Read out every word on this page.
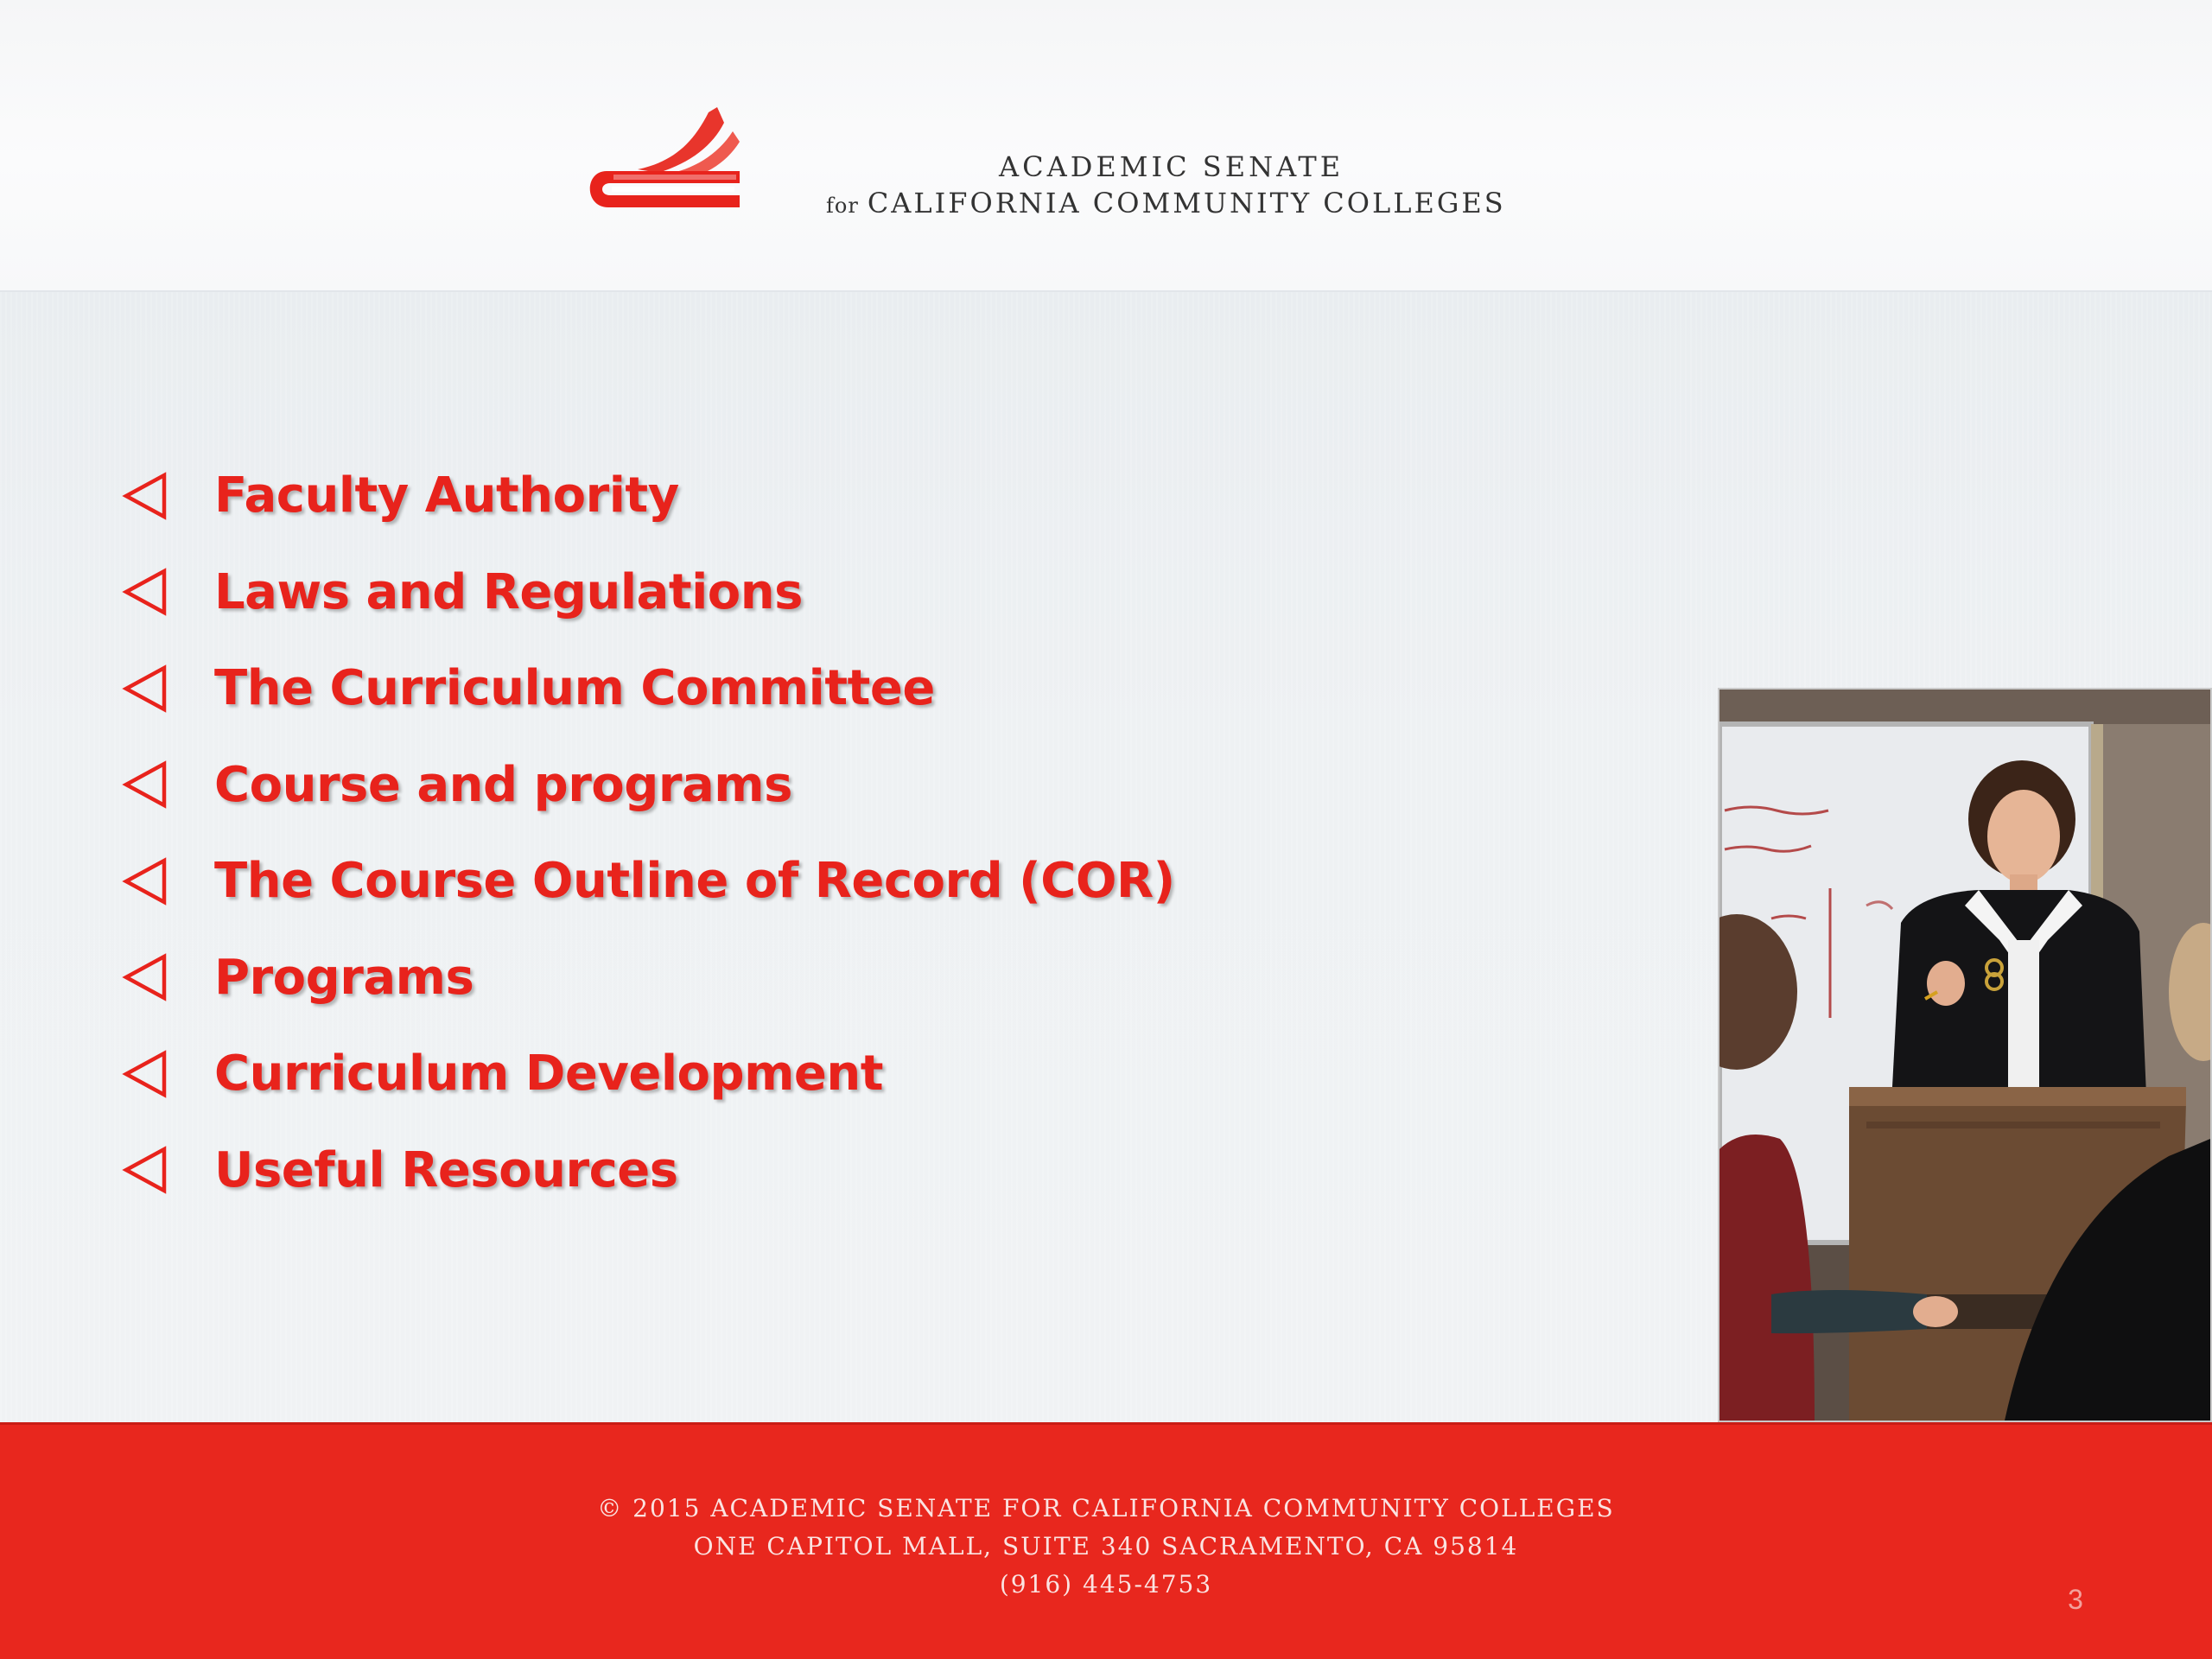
ACADEMIC SENATE
for CALIFORNIA COMMUNITY COLLEGES
Faculty Authority
Laws and Regulations
The Curriculum Committee
Course and programs
The Course Outline of Record (COR)
Programs
Curriculum Development
Useful Resources
© 2015 ACADEMIC SENATE FOR CALIFORNIA COMMUNITY COLLEGES
ONE CAPITOL MALL, SUITE 340 SACRAMENTO, CA 95814
(916) 445-4753	3
